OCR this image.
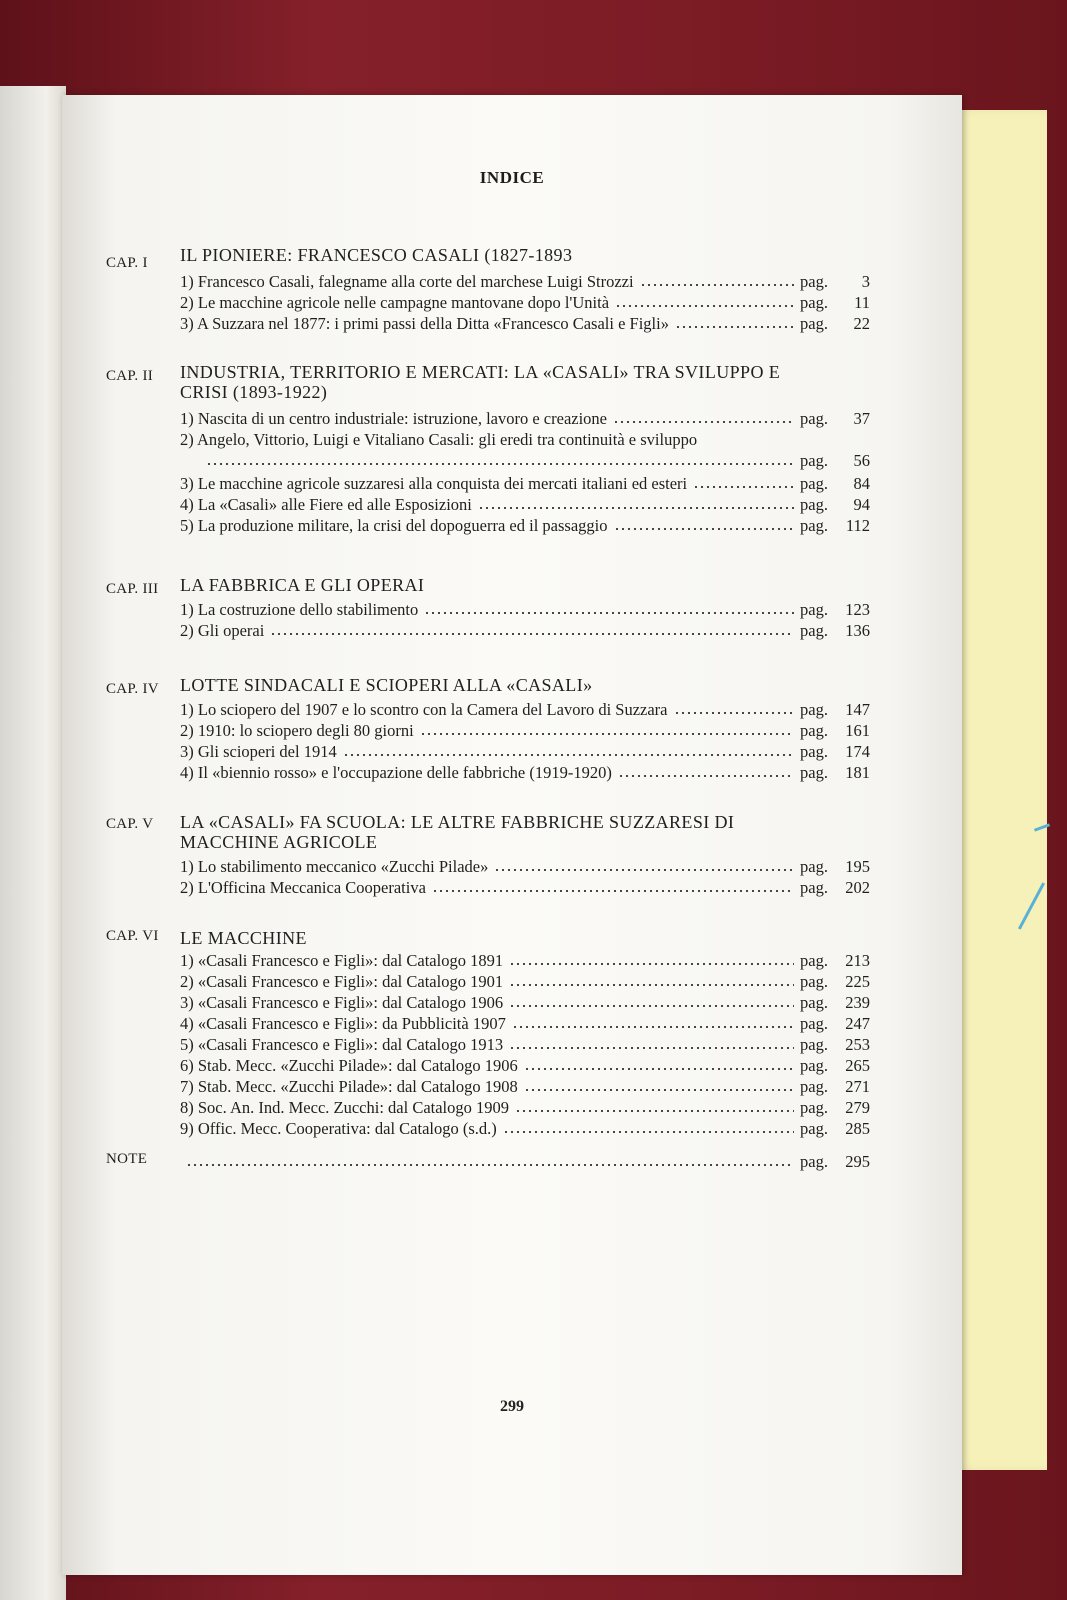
INDICE
CAP. I	IL PIONIERE: FRANCESCO CASALI (1827-1893
1) Francesco Casali, falegname alla corte del marchese Luigi Strozzi	pag.	3
2) Le macchine agricole nelle campagne mantovane dopo l'Unità	pag.	11
3) A Suzzara nel 1877: i primi passi della Ditta «Francesco Casali e Figli»	pag.	22
CAP. II	INDUSTRIA, TERRITORIO E MERCATI: LA «CASALI» TRA SVILUPPO E CRISI (1893-1922)
1) Nascita di un centro industriale: istruzione, lavoro e creazione	pag.	37
2) Angelo, Vittorio, Luigi e Vitaliano Casali: gli eredi tra continuità e sviluppo
pag.	56
3) Le macchine agricole suzzaresi alla conquista dei mercati italiani ed esteri	pag.	84
4) La «Casali» alle Fiere ed alle Esposizioni	pag.	94
5) La produzione militare, la crisi del dopoguerra ed il passaggio	pag.	112
CAP. III	LA FABBRICA E GLI OPERAI
1) La costruzione dello stabilimento	pag.	123
2) Gli operai	pag.	136
CAP. IV	LOTTE SINDACALI E SCIOPERI ALLA «CASALI»
1) Lo sciopero del 1907 e lo scontro con la Camera del Lavoro di Suzzara	pag.	147
2) 1910: lo sciopero degli 80 giorni	pag.	161
3) Gli scioperi del 1914	pag.	174
4) Il «biennio rosso» e l'occupazione delle fabbriche (1919-1920)	pag.	181
CAP. V	LA «CASALI» FA SCUOLA: LE ALTRE FABBRICHE SUZZARESI DI MACCHINE AGRICOLE
1) Lo stabilimento meccanico «Zucchi Pilade»	pag.	195
2) L'Officina Meccanica Cooperativa	pag.	202
CAP. VI	LE MACCHINE
1) «Casali Francesco e Figli»: dal Catalogo 1891	pag.	213
2) «Casali Francesco e Figli»: dal Catalogo 1901	pag.	225
3) «Casali Francesco e Figli»: dal Catalogo 1906	pag.	239
4) «Casali Francesco e Figli»: da Pubblicità 1907	pag.	247
5) «Casali Francesco e Figli»: dal Catalogo 1913	pag.	253
6) Stab. Mecc. «Zucchi Pilade»: dal Catalogo 1906	pag.	265
7) Stab. Mecc. «Zucchi Pilade»: dal Catalogo 1908	pag.	271
8) Soc. An. Ind. Mecc. Zucchi: dal Catalogo 1909	pag.	279
9) Offic. Mecc. Cooperativa: dal Catalogo (s.d.)	pag.	285
NOTE	pag.	295
299
